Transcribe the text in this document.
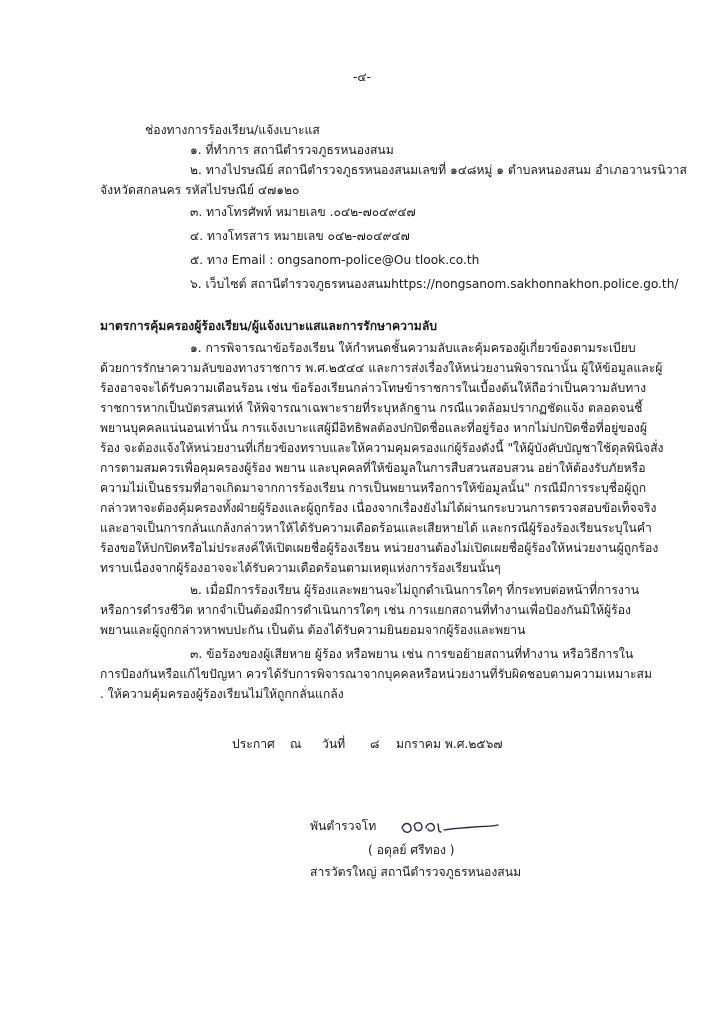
-๔-
ช่องทางการร้องเรียน/แจ้งเบาะแส
๑. ที่ทำการ สถานีตำรวจภูธรหนองสนม
๒. ทางไปรษณีย์ สถานีตำรวจภูธรหนองสนมเลขที่ ๑๔๘หมู่ ๑ ตำบลหนองสนม อำเภอวานรนิวาส
จังหวัดสกลนคร รหัสไปรษณีย์ ๔๗๑๒๐
๓. ทางโทรศัพท์ หมายเลข .๐๔๒-๗๐๔๙๔๗
๔. ทางโทรสาร หมายเลข ๐๔๒-๗๐๔๙๔๗
๕. ทาง Email : ongsanom-police@Ou tlook.co.th
๖. เว็บไซต์ สถานีตำรวจภูธรหนองสนมhttps://nongsanom.sakhonnakhon.police.go.th/
มาตรการคุ้มครองผู้ร้องเรียน/ผู้แจ้งเบาะแสและการรักษาความลับ
๑. การพิจารณาข้อร้องเรียน ให้กำหนดชั้นความลับและคุ้มครองผู้เกี่ยวข้องตามระเบียบ
ด้วยการรักษาความลับของทางราชการ พ.ศ.๒๕๔๔ และการส่งเรื่องให้หน่วยงานพิจารณานั้น ผู้ให้ข้อมูลและผู้
ร้องอาจจะได้รับความเดือนร้อน เช่น ข้อร้องเรียนกล่าวโทษข้าราชการในเบื้องต้นให้ถือว่าเป็นความลับทาง
ราชการหากเป็นบัตรสนเท่ห์ ให้พิจารณาเฉพาะรายที่ระบุหลักฐาน กรณีแวดล้อมปรากฏชัดแจ้ง ตลอดจนชี้
พยานบุคคลแน่นอนเท่านั้น การแจ้งเบาะแสผู้มีอิทธิพลต้องปกปิดชื่อและที่อยู่ร้อง หากไม่ปกปิดชื่อที่อยู่ของผู้
ร้อง จะต้องแจ้งให้หน่วยงานที่เกี่ยวข้องทราบและให้ความคุมครองแก่ผู้ร้องดังนี้ "ให้ผู้บังคับบัญชาใช้ดุลพินิจสั่ง
การตามสมควรเพื่อคุมครองผู้ร้อง พยาน และบุคคลที่ให้ข้อมูลในการสืบสวนสอบสวน อย่าให้ต้องรับภัยหรือ
ความไม่เป็นธรรมที่อาจเกิดมาจากการร้องเรียน การเป็นพยานหรือการให้ข้อมูลนั้น" กรณีมีการระบุชื่อผู้ถูก
กล่าวหาจะต้องคุ้มครองทั้งฝ่ายผู้ร้องและผู้ถูกร้อง เนื่องจากเรื่องยังไม่ได้ผ่านกระบวนการตรวจสอบข้อเท็จจริง
และอาจเป็นการกลั่นแกล้งกล่าวหาให้ได้รับความเดือดร้อนและเสียหายได้ และกรณีผู้ร้องร้องเรียนระบุในคำ
ร้องขอให้ปกปิดหรือไม่ประสงค์ให้เปิดเผยชื่อผู้ร้องเรียน หน่วยงานต้องไม่เปิดเผยชื่อผู้ร้องให้หน่วยงานผู้ถูกร้อง
ทราบเนื่องจากผู้ร้องอาจจะได้รับความเดือดร้อนตามเหตุแห่งการร้องเรียนนั้นๆ
๒. เมื่อมีการร้องเรียน ผู้ร้องและพยานจะไม่ถูกดำเนินการใดๆ ที่กระทบต่อหน้าที่การงาน
หรือการดำรงชีวิต หากจำเป็นต้องมีการดำเนินการใดๆ เช่น การแยกสถานที่ทำงานเพื่อป้องกันมิให้ผู้ร้อง
พยานและผู้ถูกกล่าวหาพบปะกัน เป็นต้น ต้องได้รับความยินยอมจากผู้ร้องและพยาน
๓. ข้อร้องของผู้เสียหาย ผู้ร้อง หรือพยาน เช่น การขอย้ายสถานที่ทำงาน หรือวิธีการใน
การป้องกันหรือแก้ไขปัญหา ควรได้รับการพิจารณาจากบุคคลหรือหน่วยงานที่รับผิดชอบตามความเหมาะสม
. ให้ความคุ้มครองผู้ร้องเรียนไม่ให้ถูกกลั่นแกล้ง
ประกาศ ณ วันที่ ๘ มกราคม พ.ศ.๒๕๖๗
พันตำรวจโท
( อดุลย์ ศรีทอง )
สารวัตรใหญ่ สถานีตำรวจภูธรหนองสนม
